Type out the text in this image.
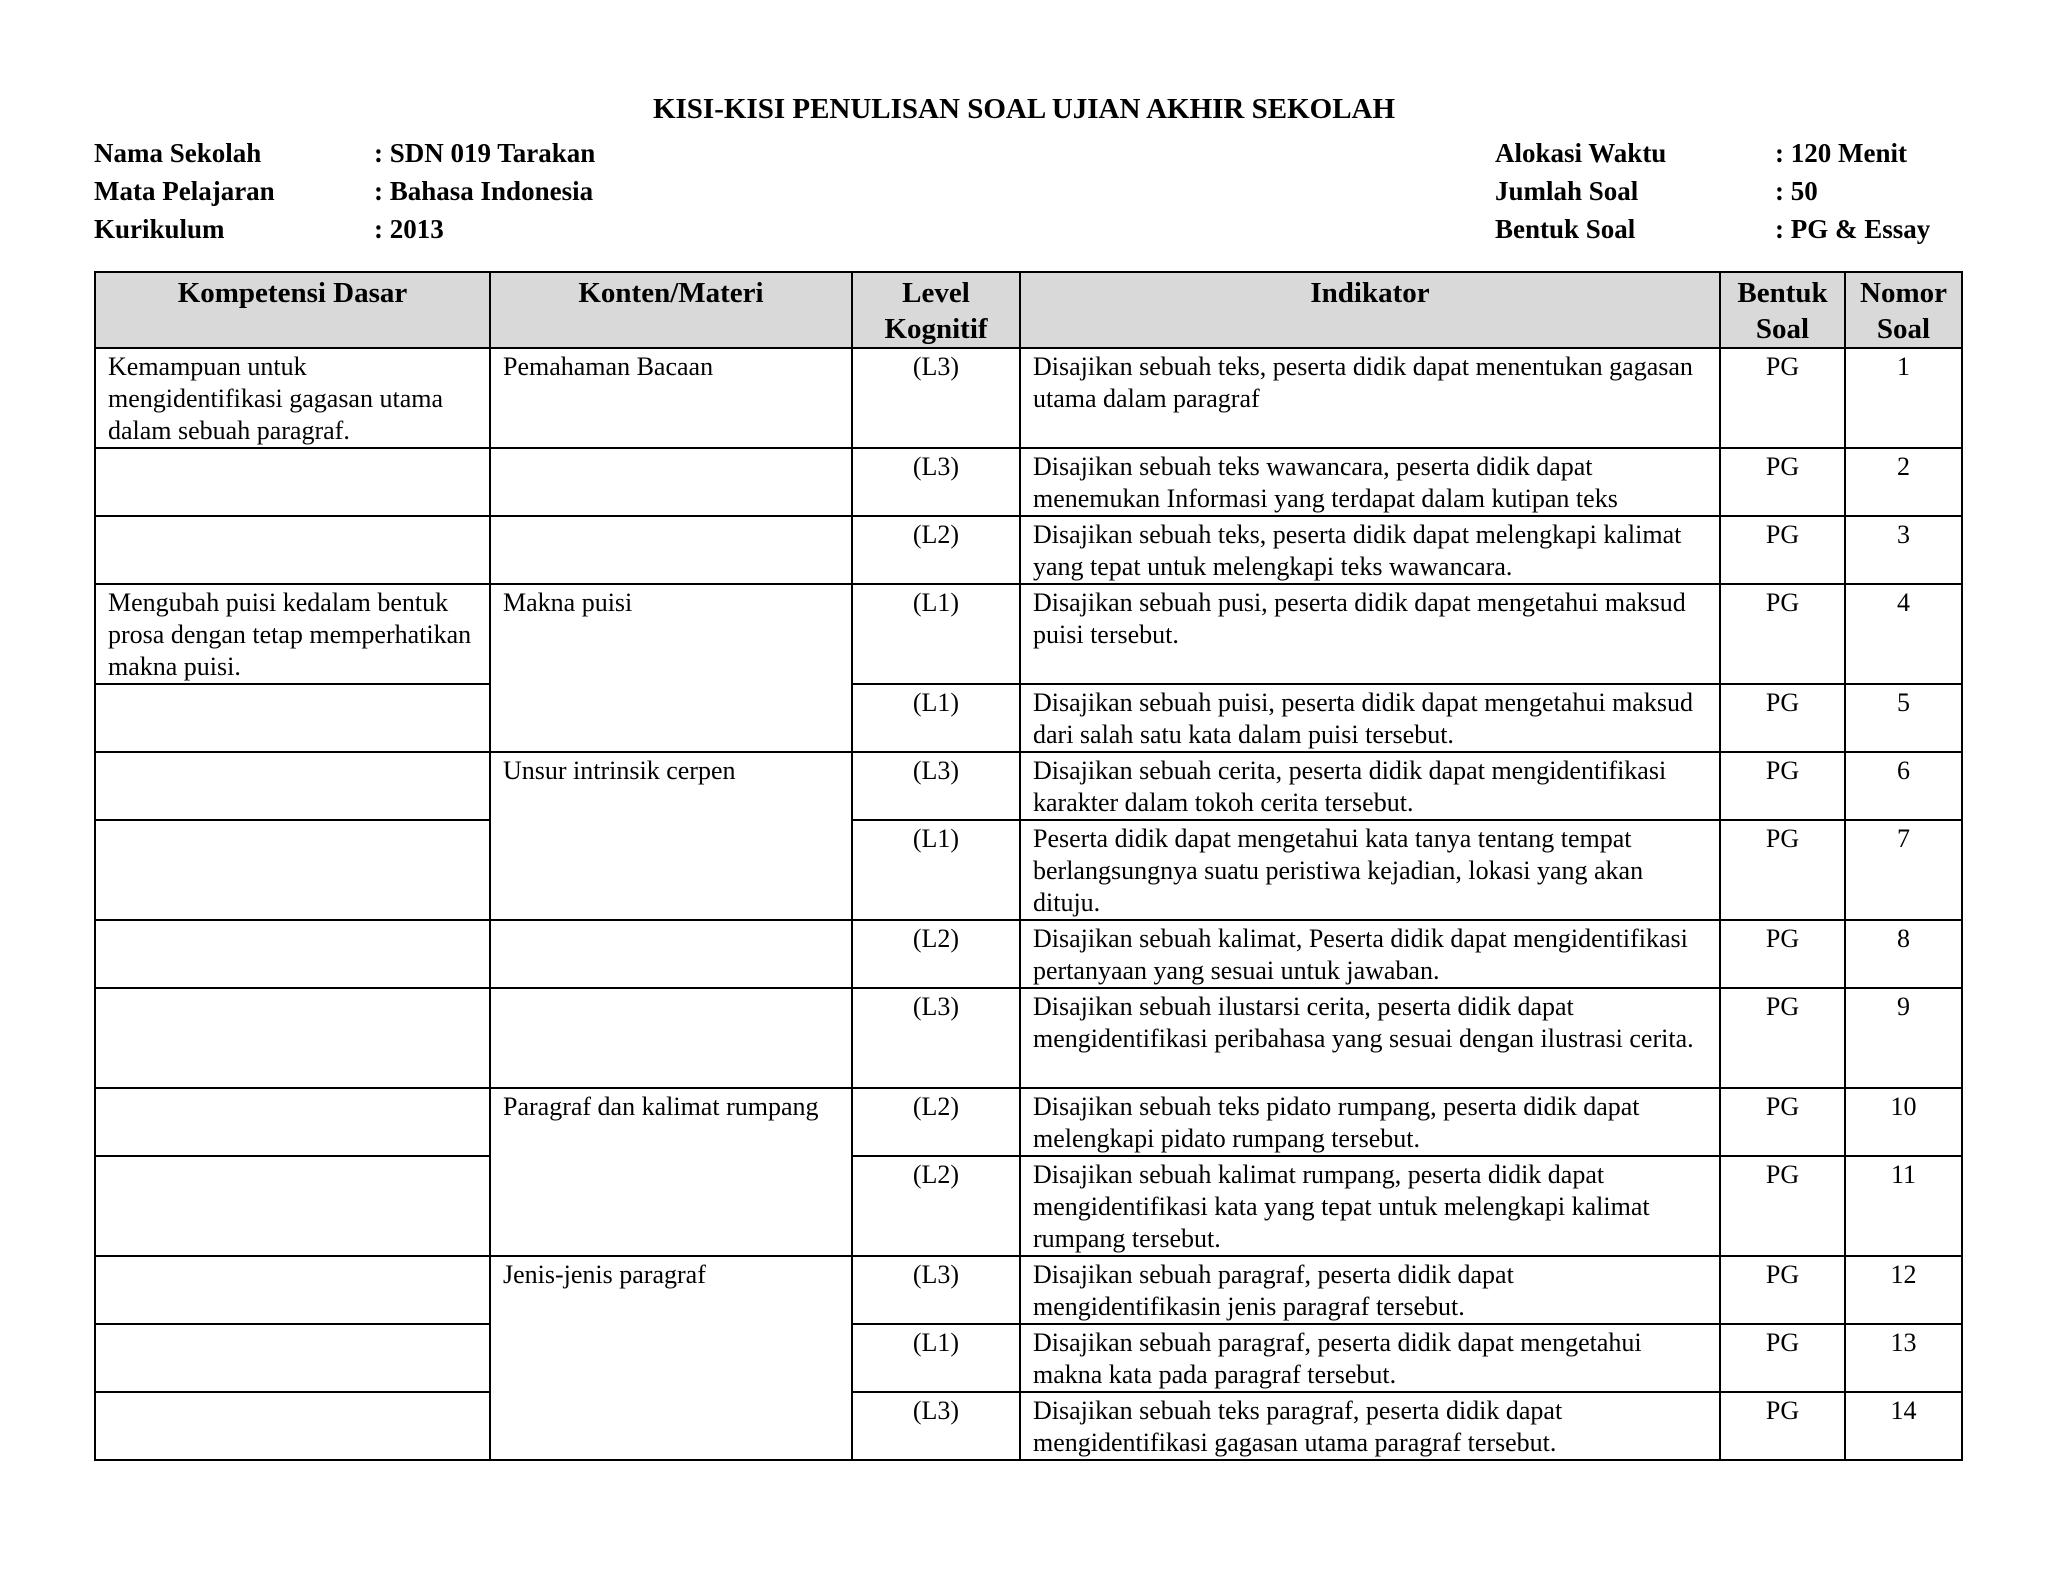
KISI-KISI PENULISAN SOAL UJIAN AKHIR SEKOLAH
Nama Sekolah	: SDN 019 Tarakan
Mata Pelajaran	: Bahasa Indonesia
Kurikulum	: 2013
Alokasi Waktu	: 120 Menit
Jumlah Soal	: 50
Bentuk Soal	: PG & Essay
Kompetensi Dasar	Konten/Materi	Level Kognitif	Indikator	Bentuk Soal	Nomor Soal
Kemampuan untuk mengidentifikasi gagasan utama dalam sebuah paragraf.	Pemahaman Bacaan	(L3)	Disajikan sebuah teks, peserta didik dapat menentukan gagasan utama dalam paragraf	PG	1
		(L3)	Disajikan sebuah teks wawancara, peserta didik dapat menemukan Informasi yang terdapat dalam kutipan teks	PG	2
		(L2)	Disajikan sebuah teks, peserta didik dapat melengkapi kalimat yang tepat untuk melengkapi teks wawancara.	PG	3
Mengubah puisi kedalam bentuk prosa dengan tetap memperhatikan makna puisi.	Makna puisi	(L1)	Disajikan sebuah pusi, peserta didik dapat mengetahui maksud puisi tersebut.	PG	4
		(L1)	Disajikan sebuah puisi, peserta didik dapat mengetahui maksud dari salah satu kata dalam puisi tersebut.	PG	5
	Unsur intrinsik cerpen	(L3)	Disajikan sebuah cerita, peserta didik dapat mengidentifikasi karakter dalam tokoh cerita tersebut.	PG	6
		(L1)	Peserta didik dapat mengetahui kata tanya tentang tempat berlangsungnya suatu peristiwa kejadian, lokasi yang akan dituju.	PG	7
		(L2)	Disajikan sebuah kalimat, Peserta didik dapat mengidentifikasi pertanyaan yang sesuai untuk jawaban.	PG	8
		(L3)	Disajikan sebuah ilustarsi cerita, peserta didik dapat mengidentifikasi peribahasa yang sesuai dengan ilustrasi cerita.	PG	9
	Paragraf dan kalimat rumpang	(L2)	Disajikan sebuah teks pidato rumpang, peserta didik dapat melengkapi pidato rumpang tersebut.	PG	10
		(L2)	Disajikan sebuah kalimat rumpang, peserta didik dapat mengidentifikasi kata yang tepat untuk melengkapi kalimat rumpang tersebut.	PG	11
	Jenis-jenis paragraf	(L3)	Disajikan sebuah paragraf, peserta didik dapat mengidentifikasin jenis paragraf tersebut.	PG	12
		(L1)	Disajikan sebuah paragraf, peserta didik dapat mengetahui makna kata pada paragraf tersebut.	PG	13
		(L3)	Disajikan sebuah teks paragraf, peserta didik dapat mengidentifikasi gagasan utama paragraf tersebut.	PG	14
